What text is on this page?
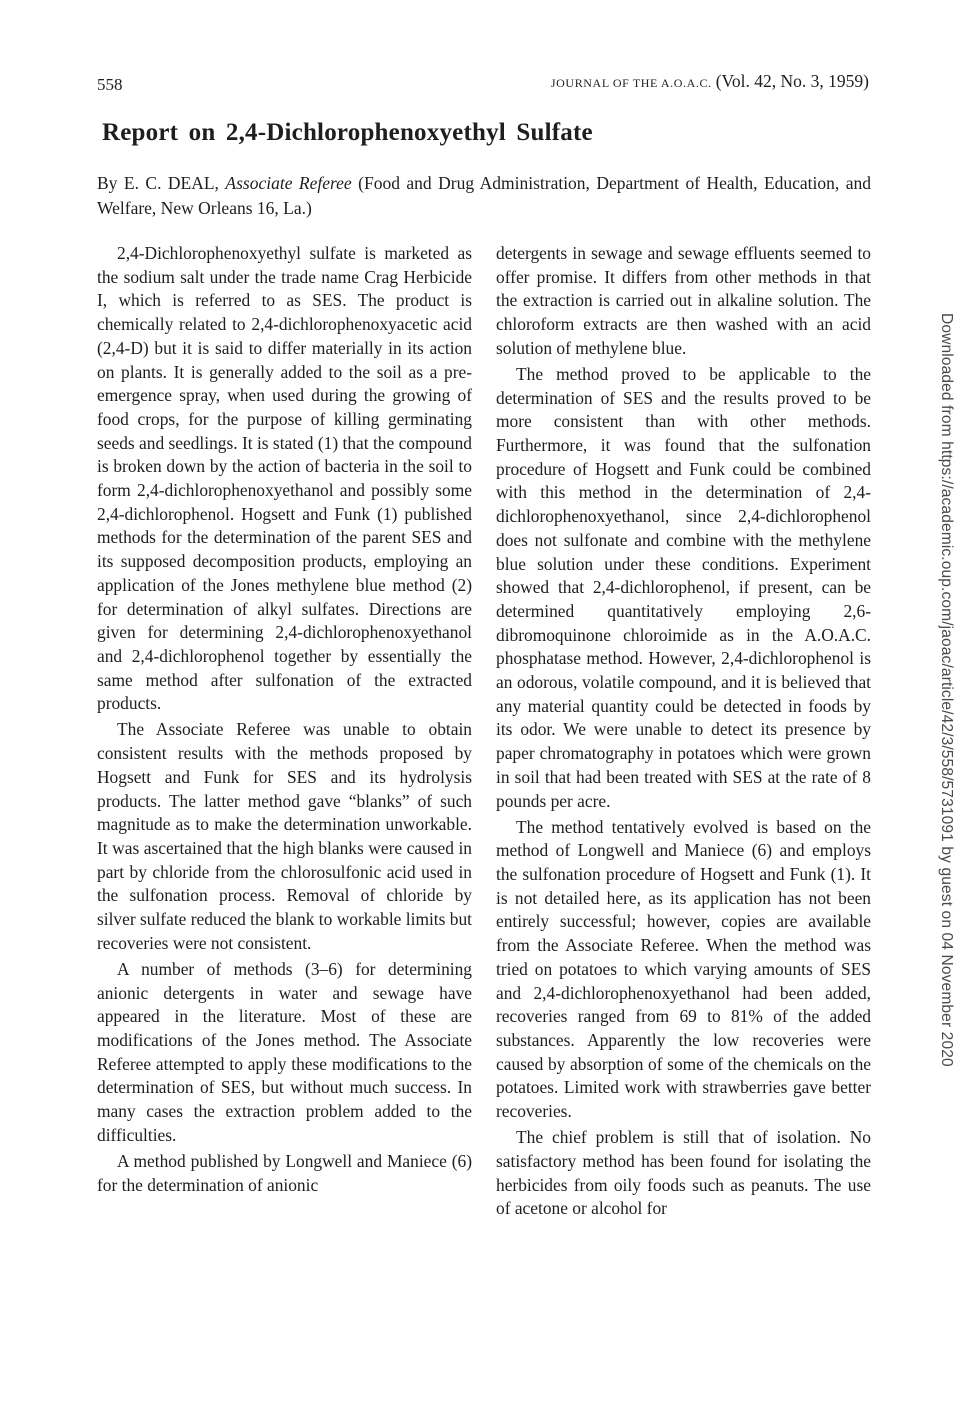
558	JOURNAL OF THE A.O.A.C. (Vol. 42, No. 3, 1959)
Report on 2,4-Dichlorophenoxyethyl Sulfate

By E. C. DEAL, Associate Referee (Food and Drug Administration, Department of Health, Education, and Welfare, New Orleans 16, La.)

2,4-Dichlorophenoxyethyl sulfate is marketed as the sodium salt under the trade name Crag Herbicide I, which is referred to as SES. The product is chemically related to 2,4-dichlorophenoxyacetic acid (2,4-D) but it is said to differ materially in its action on plants. It is generally added to the soil as a pre-emergence spray, when used during the growing of food crops, for the purpose of killing germinating seeds and seedlings. It is stated (1) that the compound is broken down by the action of bacteria in the soil to form 2,4-dichlorophenoxyethanol and possibly some 2,4-dichlorophenol. Hogsett and Funk (1) published methods for the determination of the parent SES and its supposed decomposition products, employing an application of the Jones methylene blue method (2) for determination of alkyl sulfates. Directions are given for determining 2,4-dichlorophenoxyethanol and 2,4-dichlorophenol together by essentially the same method after sulfonation of the extracted products.

The Associate Referee was unable to obtain consistent results with the methods proposed by Hogsett and Funk for SES and its hydrolysis products. The latter method gave “blanks” of such magnitude as to make the determination unworkable. It was ascertained that the high blanks were caused in part by chloride from the chlorosulfonic acid used in the sulfonation process. Removal of chloride by silver sulfate reduced the blank to workable limits but recoveries were not consistent.

A number of methods (3–6) for determining anionic detergents in water and sewage have appeared in the literature. Most of these are modifications of the Jones method. The Associate Referee attempted to apply these modifications to the determination of SES, but without much success. In many cases the extraction problem added to the difficulties.

A method published by Longwell and Maniece (6) for the determination of anionic

detergents in sewage and sewage effluents seemed to offer promise. It differs from other methods in that the extraction is carried out in alkaline solution. The chloroform extracts are then washed with an acid solution of methylene blue.

The method proved to be applicable to the determination of SES and the results proved to be more consistent than with other methods. Furthermore, it was found that the sulfonation procedure of Hogsett and Funk could be combined with this method in the determination of 2,4-dichlorophenoxyethanol, since 2,4-dichlorophenol does not sulfonate and combine with the methylene blue solution under these conditions. Experiment showed that 2,4-dichlorophenol, if present, can be determined quantitatively employing 2,6-dibromoquinone chloroimide as in the A.O.A.C. phosphatase method. However, 2,4-dichlorophenol is an odorous, volatile compound, and it is believed that any material quantity could be detected in foods by its odor. We were unable to detect its presence by paper chromatography in potatoes which were grown in soil that had been treated with SES at the rate of 8 pounds per acre.

The method tentatively evolved is based on the method of Longwell and Maniece (6) and employs the sulfonation procedure of Hogsett and Funk (1). It is not detailed here, as its application has not been entirely successful; however, copies are available from the Associate Referee. When the method was tried on potatoes to which varying amounts of SES and 2,4-dichlorophenoxyethanol had been added, recoveries ranged from 69 to 81% of the added substances. Apparently the low recoveries were caused by absorption of some of the chemicals on the potatoes. Limited work with strawberries gave better recoveries.

The chief problem is still that of isolation. No satisfactory method has been found for isolating the herbicides from oily foods such as peanuts. The use of acetone or alcohol for

Downloaded from https://academic.oup.com/jaoac/article/42/3/558/5731091 by guest on 04 November 2020
